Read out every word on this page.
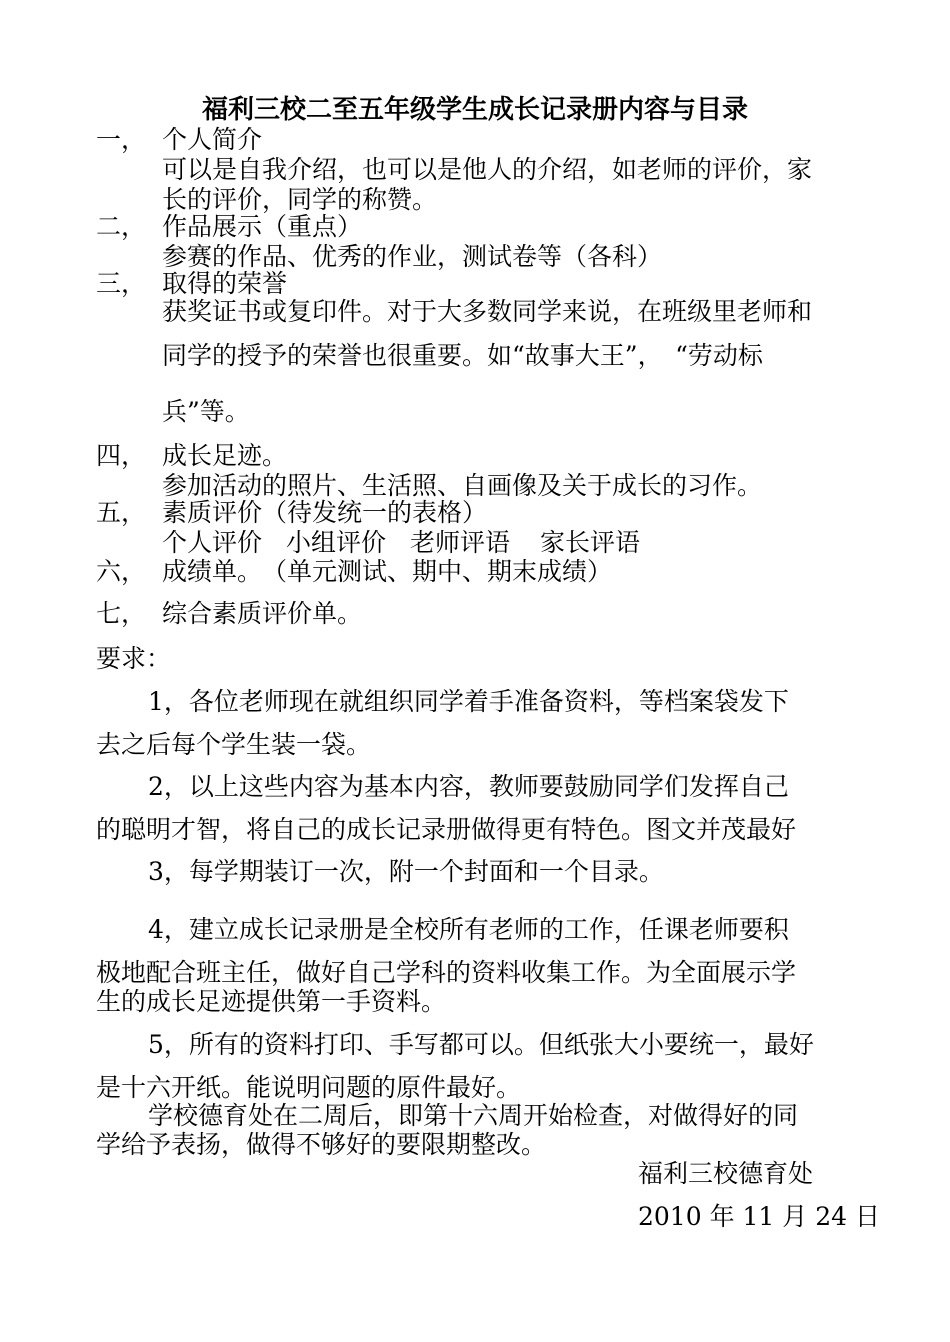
福利三校二至五年级学生成长记录册内容与目录
一， 个人简介
可以是自我介绍，也可以是他人的介绍，如老师的评价，家
长的评价，同学的称赞。
二， 作品展示（重点）
参赛的作品、优秀的作业，测试卷等（各科）
三， 取得的荣誉
获奖证书或复印件。对于大多数同学来说，在班级里老师和
同学的授予的荣誉也很重要。如“故事大王”，　“劳动标
兵”等。
四， 成长足迹。
参加活动的照片、生活照、自画像及关于成长的习作。
五， 素质评价（待发统一的表格）
个人评价 小组评价 老师评语 家长评语
六， 成绩单。　（单元测试、期中、期末成绩）
七， 综合素质评价单。
要求：
1，各位老师现在就组织同学着手准备资料，等档案袋发下
去之后每个学生装一袋。
2，以上这些内容为基本内容，教师要鼓励同学们发挥自己
的聪明才智，将自己的成长记录册做得更有特色。图文并茂最好
3，每学期装订一次，附一个封面和一个目录。
4，建立成长记录册是全校所有老师的工作，任课老师要积
极地配合班主任，做好自己学科的资料收集工作。为全面展示学
生的成长足迹提供第一手资料。
5，所有的资料打印、手写都可以。但纸张大小要统一，最好
是十六开纸。能说明问题的原件最好。
学校德育处在二周后，即第十六周开始检查，对做得好的同
学给予表扬，做得不够好的要限期整改。
福利三校德育处
2010 年 11 月 24 日
